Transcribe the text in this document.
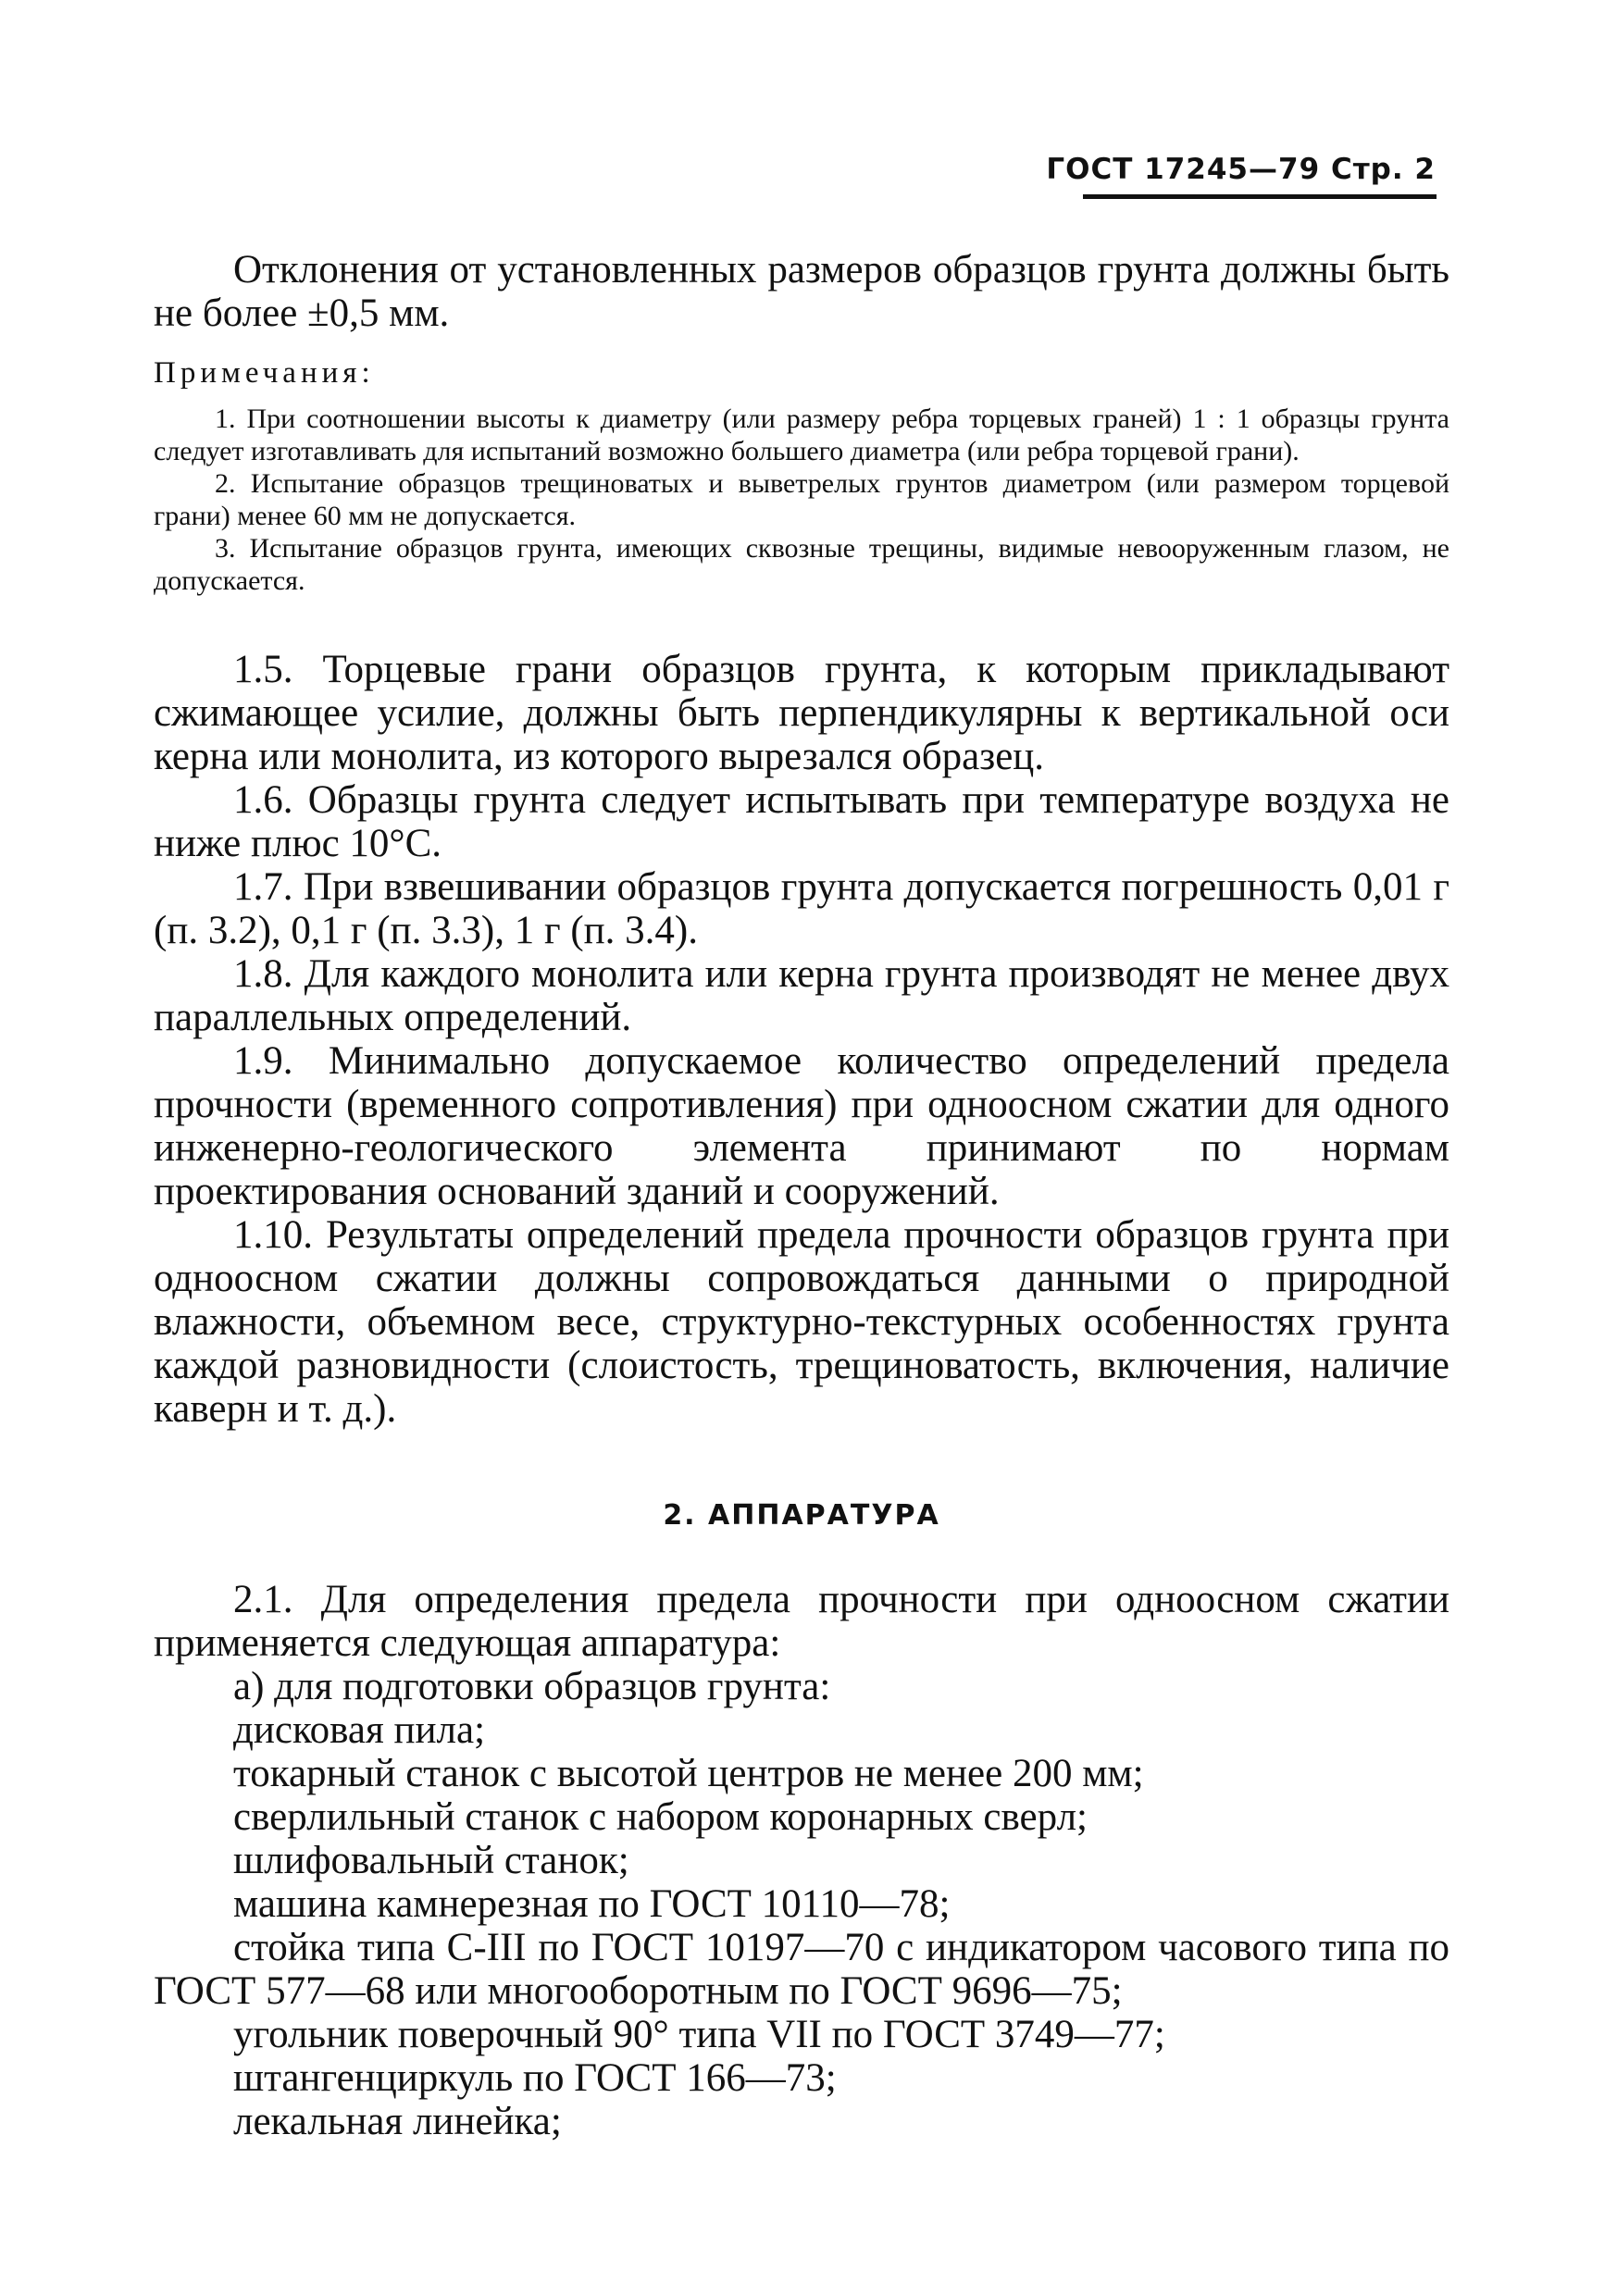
ГОСТ 17245—79 Стр. 2

Отклонения от установленных размеров образцов грунта должны быть не более ±0,5 мм.

Примечания:

1. При соотношении высоты к диаметру (или размеру ребра торцевых граней) 1 : 1 образцы грунта следует изготавливать для испытаний возможно большего диаметра (или ребра торцевой грани).

2. Испытание образцов трещиноватых и выветрелых грунтов диаметром (или размером торцевой грани) менее 60 мм не допускается.

3. Испытание образцов грунта, имеющих сквозные трещины, видимые невооруженным глазом, не допускается.

1.5. Торцевые грани образцов грунта, к которым прикладывают сжимающее усилие, должны быть перпендикулярны к вертикальной оси керна или монолита, из которого вырезался образец.

1.6. Образцы грунта следует испытывать при температуре воздуха не ниже плюс 10°С.

1.7. При взвешивании образцов грунта допускается погрешность 0,01 г (п. 3.2), 0,1 г (п. 3.3), 1 г (п. 3.4).

1.8. Для каждого монолита или керна грунта производят не менее двух параллельных определений.

1.9. Минимально допускаемое количество определений предела прочности (временного сопротивления) при одноосном сжатии для одного инженерно-геологического элемента принимают по нормам проектирования оснований зданий и сооружений.

1.10. Результаты определений предела прочности образцов грунта при одноосном сжатии должны сопровождаться данными о природной влажности, объемном весе, структурно-текстурных особенностях грунта каждой разновидности (слоистость, трещиноватость, включения, наличие каверн и т. д.).

2. АППАРАТУРА

2.1. Для определения предела прочности при одноосном сжатии применяется следующая аппаратура:

а) для подготовки образцов грунта:

дисковая пила;

токарный станок с высотой центров не менее 200 мм;

сверлильный станок с набором коронарных сверл;

шлифовальный станок;

машина камнерезная по ГОСТ 10110—78;

стойка типа С-III по ГОСТ 10197—70 с индикатором часового типа по ГОСТ 577—68 или многооборотным по ГОСТ 9696—75;

угольник поверочный 90° типа VII по ГОСТ 3749—77;

штангенциркуль по ГОСТ 166—73;

лекальная линейка;
